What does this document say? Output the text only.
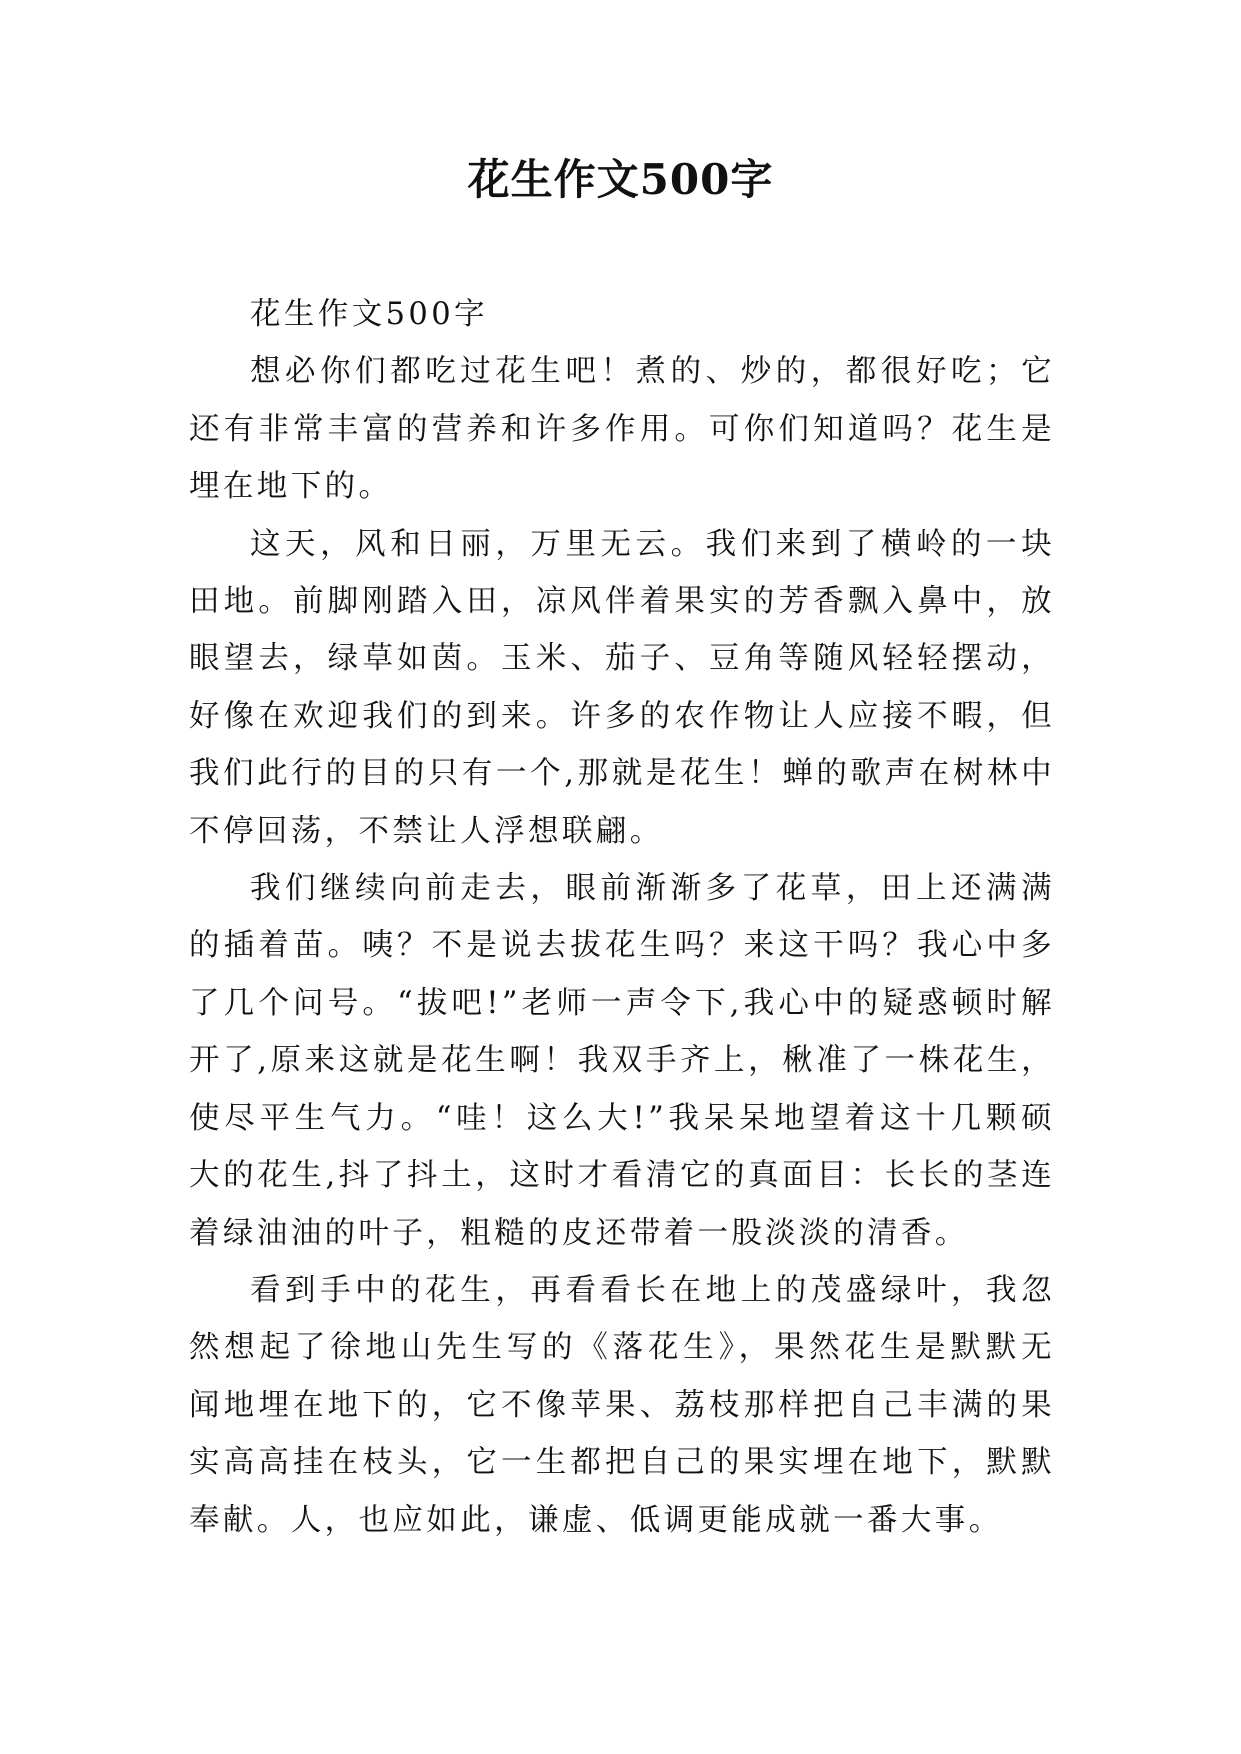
花生作文500字

花生作文500字

想必你们都吃过花生吧！煮的、炒的，都很好吃；它还有非常丰富的营养和许多作用。可你们知道吗？花生是埋在地下的。

这天，风和日丽，万里无云。我们来到了横岭的一块田地。前脚刚踏入田，凉风伴着果实的芳香飘入鼻中，放眼望去，绿草如茵。玉米、茄子、豆角等随风轻轻摆动，好像在欢迎我们的到来。许多的农作物让人应接不暇，但我们此行的目的只有一个,那就是花生！蝉的歌声在树林中不停回荡，不禁让人浮想联翩。

我们继续向前走去，眼前渐渐多了花草，田上还满满的插着苗。咦？不是说去拔花生吗？来这干吗？我心中多了几个问号。“拔吧!”老师一声令下,我心中的疑惑顿时解开了,原来这就是花生啊！我双手齐上，楸准了一株花生，使尽平生气力。“哇！这么大!”我呆呆地望着这十几颗硕大的花生,抖了抖土，这时才看清它的真面目：长长的茎连着绿油油的叶子，粗糙的皮还带着一股淡淡的清香。

看到手中的花生，再看看长在地上的茂盛绿叶，我忽然想起了徐地山先生写的《落花生》，果然花生是默默无闻地埋在地下的，它不像苹果、荔枝那样把自己丰满的果实高高挂在枝头，它一生都把自己的果实埋在地下，默默奉献。人，也应如此，谦虚、低调更能成就一番大事。
